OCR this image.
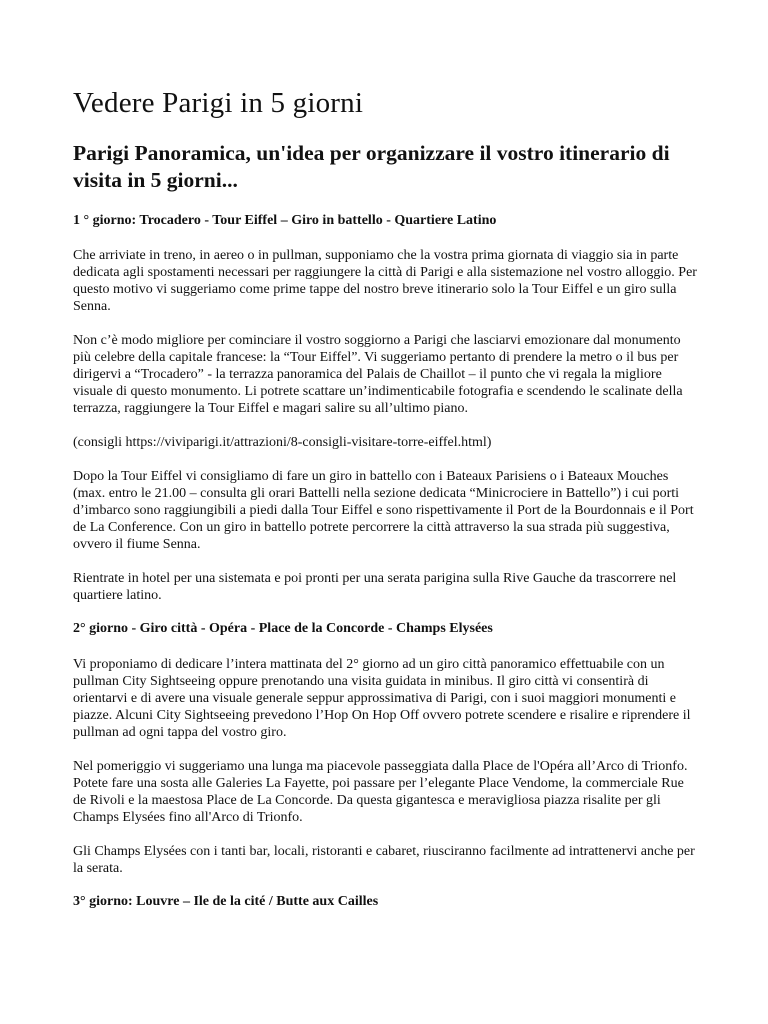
Vedere Parigi in 5 giorni
Parigi Panoramica, un'idea per organizzare il vostro itinerario di visita in 5 giorni...
1 ° giorno: Trocadero - Tour Eiffel – Giro in battello - Quartiere Latino

Che arriviate in treno, in aereo o in pullman, supponiamo che la vostra prima giornata di viaggio sia in parte dedicata agli spostamenti necessari per raggiungere la città di Parigi e alla sistemazione nel vostro alloggio. Per questo motivo vi suggeriamo come prime tappe del nostro breve itinerario solo la Tour Eiffel e un giro sulla Senna.

Non c’è modo migliore per cominciare il vostro soggiorno a Parigi che lasciarvi emozionare dal monumento più celebre della capitale francese: la “Tour Eiffel”. Vi suggeriamo pertanto di prendere la metro o il bus per dirigervi a “Trocadero” - la terrazza panoramica del Palais de Chaillot – il punto che vi regala la migliore visuale di questo monumento. Li potrete scattare un’indimenticabile fotografia e scendendo le scalinate della terrazza, raggiungere la Tour Eiffel e magari salire su all’ultimo piano.

(consigli https://viviparigi.it/attrazioni/8-consigli-visitare-torre-eiffel.html)

Dopo la Tour Eiffel vi consigliamo di fare un giro in battello con i Bateaux Parisiens o i Bateaux Mouches (max. entro le 21.00 – consulta gli orari Battelli nella sezione dedicata “Minicrociere in Battello”) i cui porti d’imbarco sono raggiungibili a piedi dalla Tour Eiffel e sono rispettivamente il Port de la Bourdonnais e il Port de La Conference. Con un giro in battello potrete percorrere la città attraverso la sua strada più suggestiva, ovvero il fiume Senna.

Rientrate in hotel per una sistemata e poi pronti per una serata parigina sulla Rive Gauche da trascorrere nel quartiere latino.

2° giorno - Giro città - Opéra - Place de la Concorde - Champs Elysées

Vi proponiamo di dedicare l’intera mattinata del 2° giorno ad un giro città panoramico effettuabile con un pullman City Sightseeing oppure prenotando una visita guidata in minibus. Il giro città vi consentirà di orientarvi e di avere una visuale generale seppur approssimativa di Parigi, con i suoi maggiori monumenti e piazze. Alcuni City Sightseeing prevedono l’Hop On Hop Off ovvero potrete scendere e risalire e riprendere il pullman ad ogni tappa del vostro giro.

Nel pomeriggio vi suggeriamo una lunga ma piacevole passeggiata dalla Place de l'Opéra all’Arco di Trionfo. Potete fare una sosta alle Galeries La Fayette, poi passare per l’elegante Place Vendome, la commerciale Rue de Rivoli e la maestosa Place de La Concorde. Da questa gigantesca e meravigliosa piazza risalite per gli Champs Elysées fino all'Arco di Trionfo.

Gli Champs Elysées con i tanti bar, locali, ristoranti e cabaret, riusciranno facilmente ad intrattenervi anche per la serata.

3° giorno: Louvre – Ile de la cité / Butte aux Cailles
